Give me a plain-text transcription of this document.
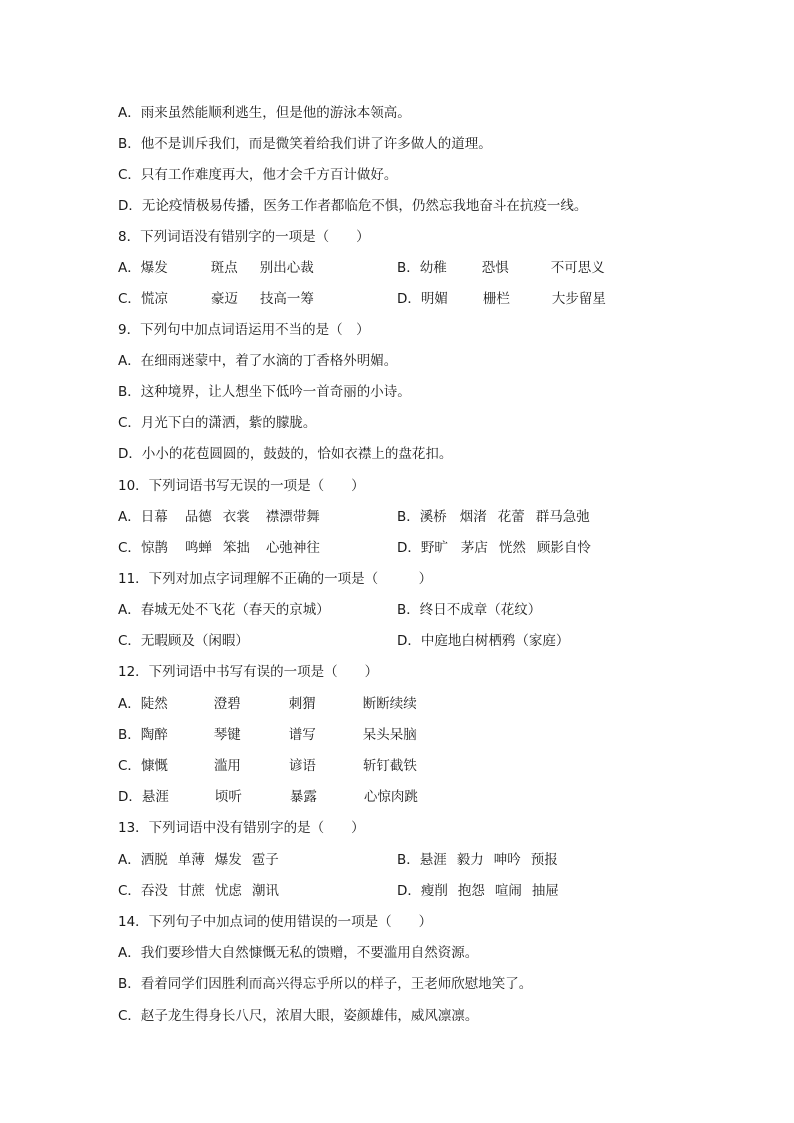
A．雨来虽然能顺利逃生，但是他的游泳本领高。
B．他不是训斥我们，而是微笑着给我们讲了许多做人的道理。
C．只有工作难度再大，他才会千方百计做好。
D．无论疫情极易传播，医务工作者都临危不惧，仍然忘我地奋斗在抗疫一线。
8．下列词语没有错别字的一项是（　　）
A．爆发	斑点 别出心裁	B．幼稚	恐惧	不可思义
C．慌凉	豪迈 技高一筹	D．明媚	栅栏	大步留星
9．下列句中加点词语运用不当的是（　）
A．在细雨迷蒙中，着了水滴的丁香格外明媚。
B．这种境界，让人想坐下低吟一首奇丽的小诗。
C．月光下白的潇洒，紫的朦胧。
D．小小的花苞圆圆的，鼓鼓的，恰如衣襟上的盘花扣。
10．下列词语书写无误的一项是（　　）
A．日幕 品德 衣裳 襟漂带舞	B．溪桥 烟渚 花蕾 群马急弛
C．惊鹊 鸣蝉 笨拙 心弛神往	D．野旷 茅店 恍然 顾影自怜
11．下列对加点字词理解不正确的一项是（　　　）
A．春城无处不飞花（春天的京城）	B．终日不成章（花纹）
C．无暇顾及（闲暇）	D．中庭地白树栖鸦（家庭）
12．下列词语中书写有误的一项是（　　）
A．陡然	澄碧	刺猬	断断续续
B．陶醉	琴键	谱写	呆头呆脑
C．慷慨	滥用	谚语	斩钉截铁
D．悬涯	顷听	暴露	心惊肉跳
13．下列词语中没有错别字的是（　　）
A．洒脱 单薄 爆发 雹子	B．悬涯 毅力 呻吟 预报
C．吞没 甘蔗 忧虑 潮讯	D．瘦削 抱怨 喧闹 抽屉
14．下列句子中加点词的使用错误的一项是（　　）
A．我们要珍惜大自然慷慨无私的馈赠，不要滥用自然资源。
B．看着同学们因胜利而高兴得忘乎所以的样子，王老师欣慰地笑了。
C．赵子龙生得身长八尺，浓眉大眼，姿颜雄伟，威风凛凛。
